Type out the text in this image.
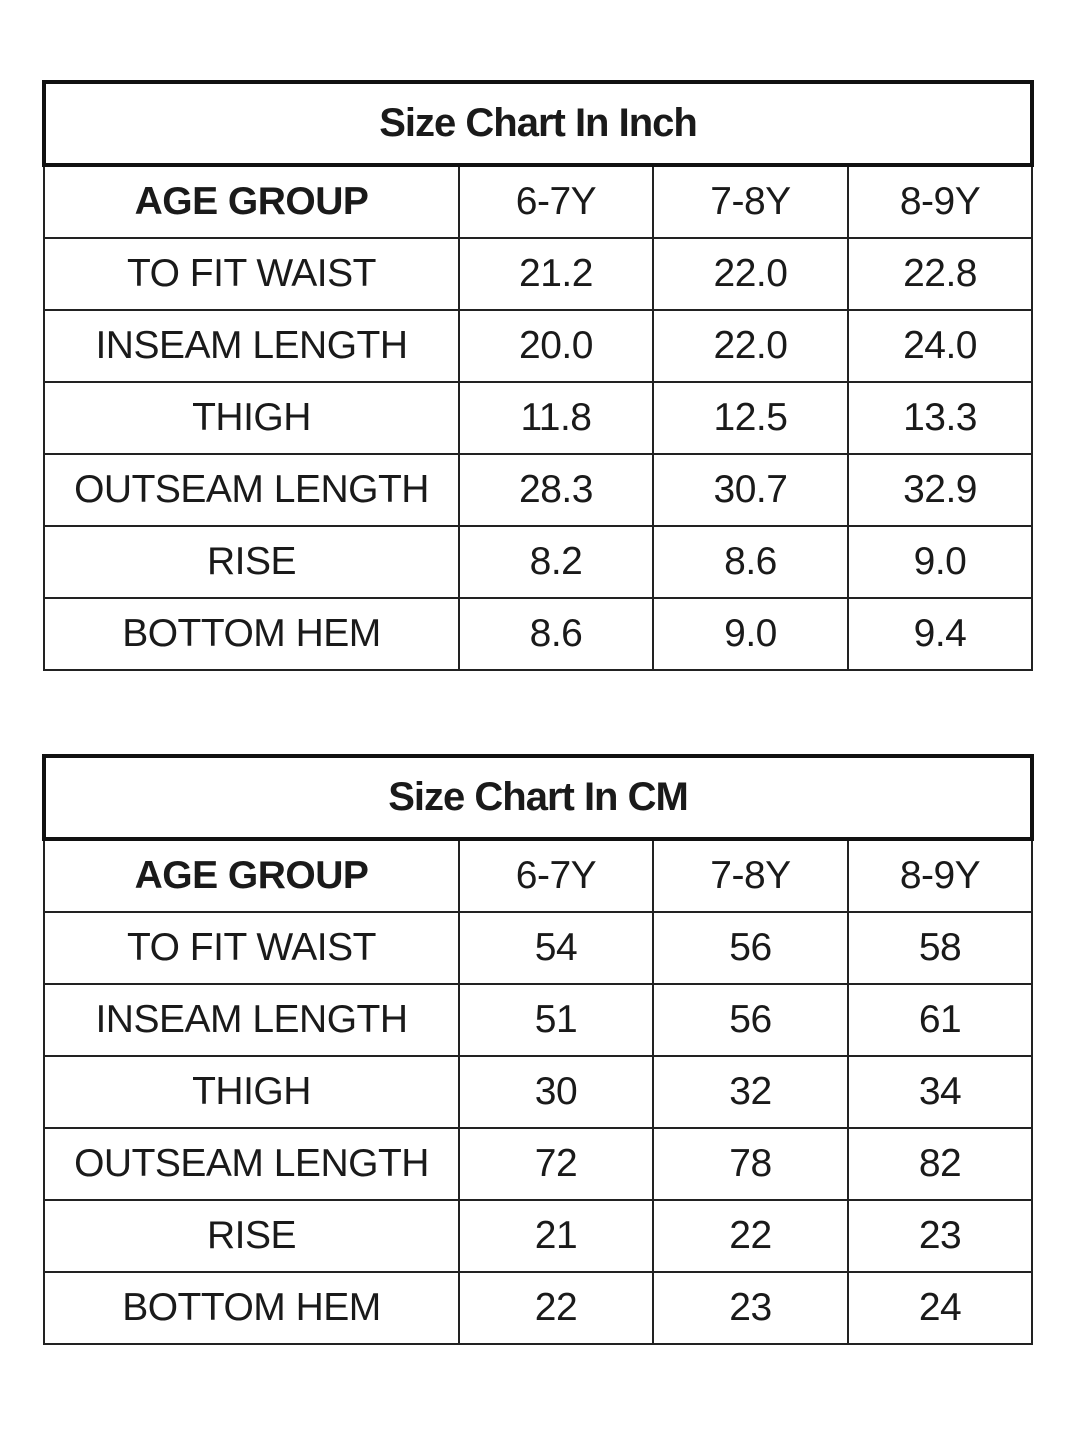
Size Chart In Inch			
AGE GROUP	6-7Y	7-8Y	8-9Y
TO FIT WAIST	21.2	22.0	22.8
INSEAM LENGTH	20.0	22.0	24.0
THIGH	11.8	12.5	13.3
OUTSEAM LENGTH	28.3	30.7	32.9
RISE	8.2	8.6	9.0
BOTTOM HEM	8.6	9.0	9.4
Size Chart In CM			
AGE GROUP	6-7Y	7-8Y	8-9Y
TO FIT WAIST	54	56	58
INSEAM LENGTH	51	56	61
THIGH	30	32	34
OUTSEAM LENGTH	72	78	82
RISE	21	22	23
BOTTOM HEM	22	23	24
